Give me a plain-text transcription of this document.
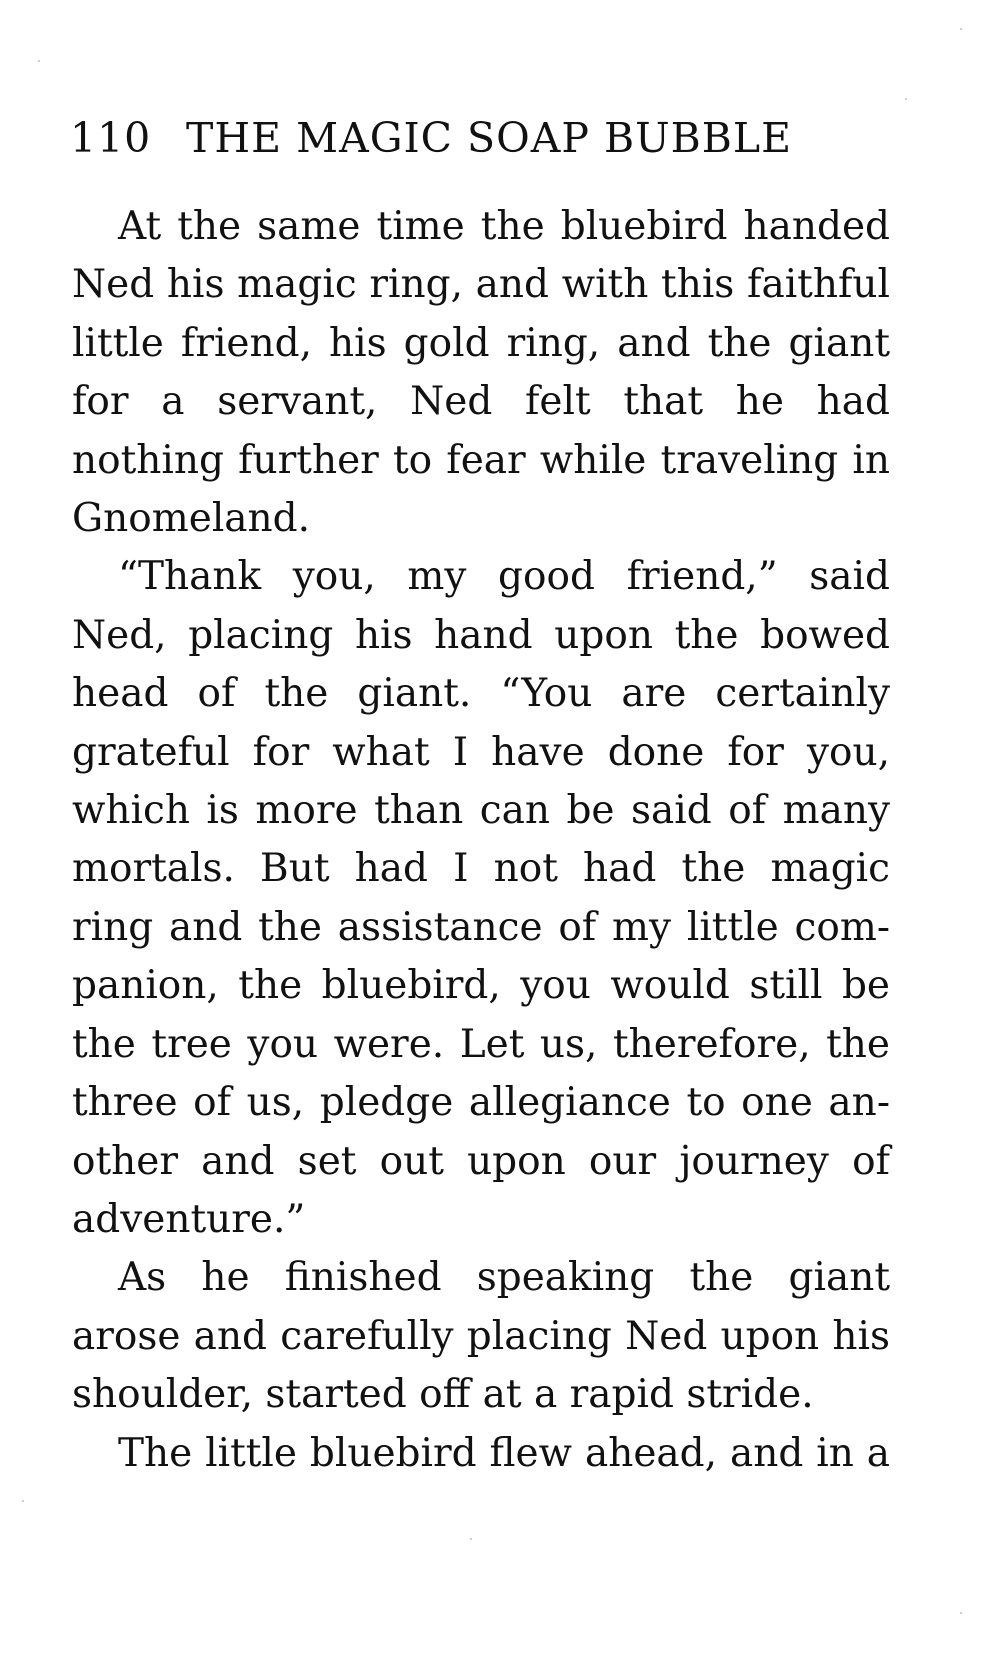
110 THE MAGIC SOAP BUBBLE

At the same time the bluebird handed Ned his magic ring, and with this faithful little friend, his gold ring, and the giant for a servant, Ned felt that he had nothing further to fear while traveling in Gnomeland.

“Thank you, my good friend,” said Ned, placing his hand upon the bowed head of the giant. “You are certainly grateful for what I have done for you, which is more than can be said of many mortals. But had I not had the magic ring and the assistance of my little companion, the bluebird, you would still be the tree you were. Let us, therefore, the three of us, pledge allegiance to one another and set out upon our journey of adventure.”

As he finished speaking the giant arose and carefully placing Ned upon his shoulder, started off at a rapid stride.

The little bluebird flew ahead, and in a
